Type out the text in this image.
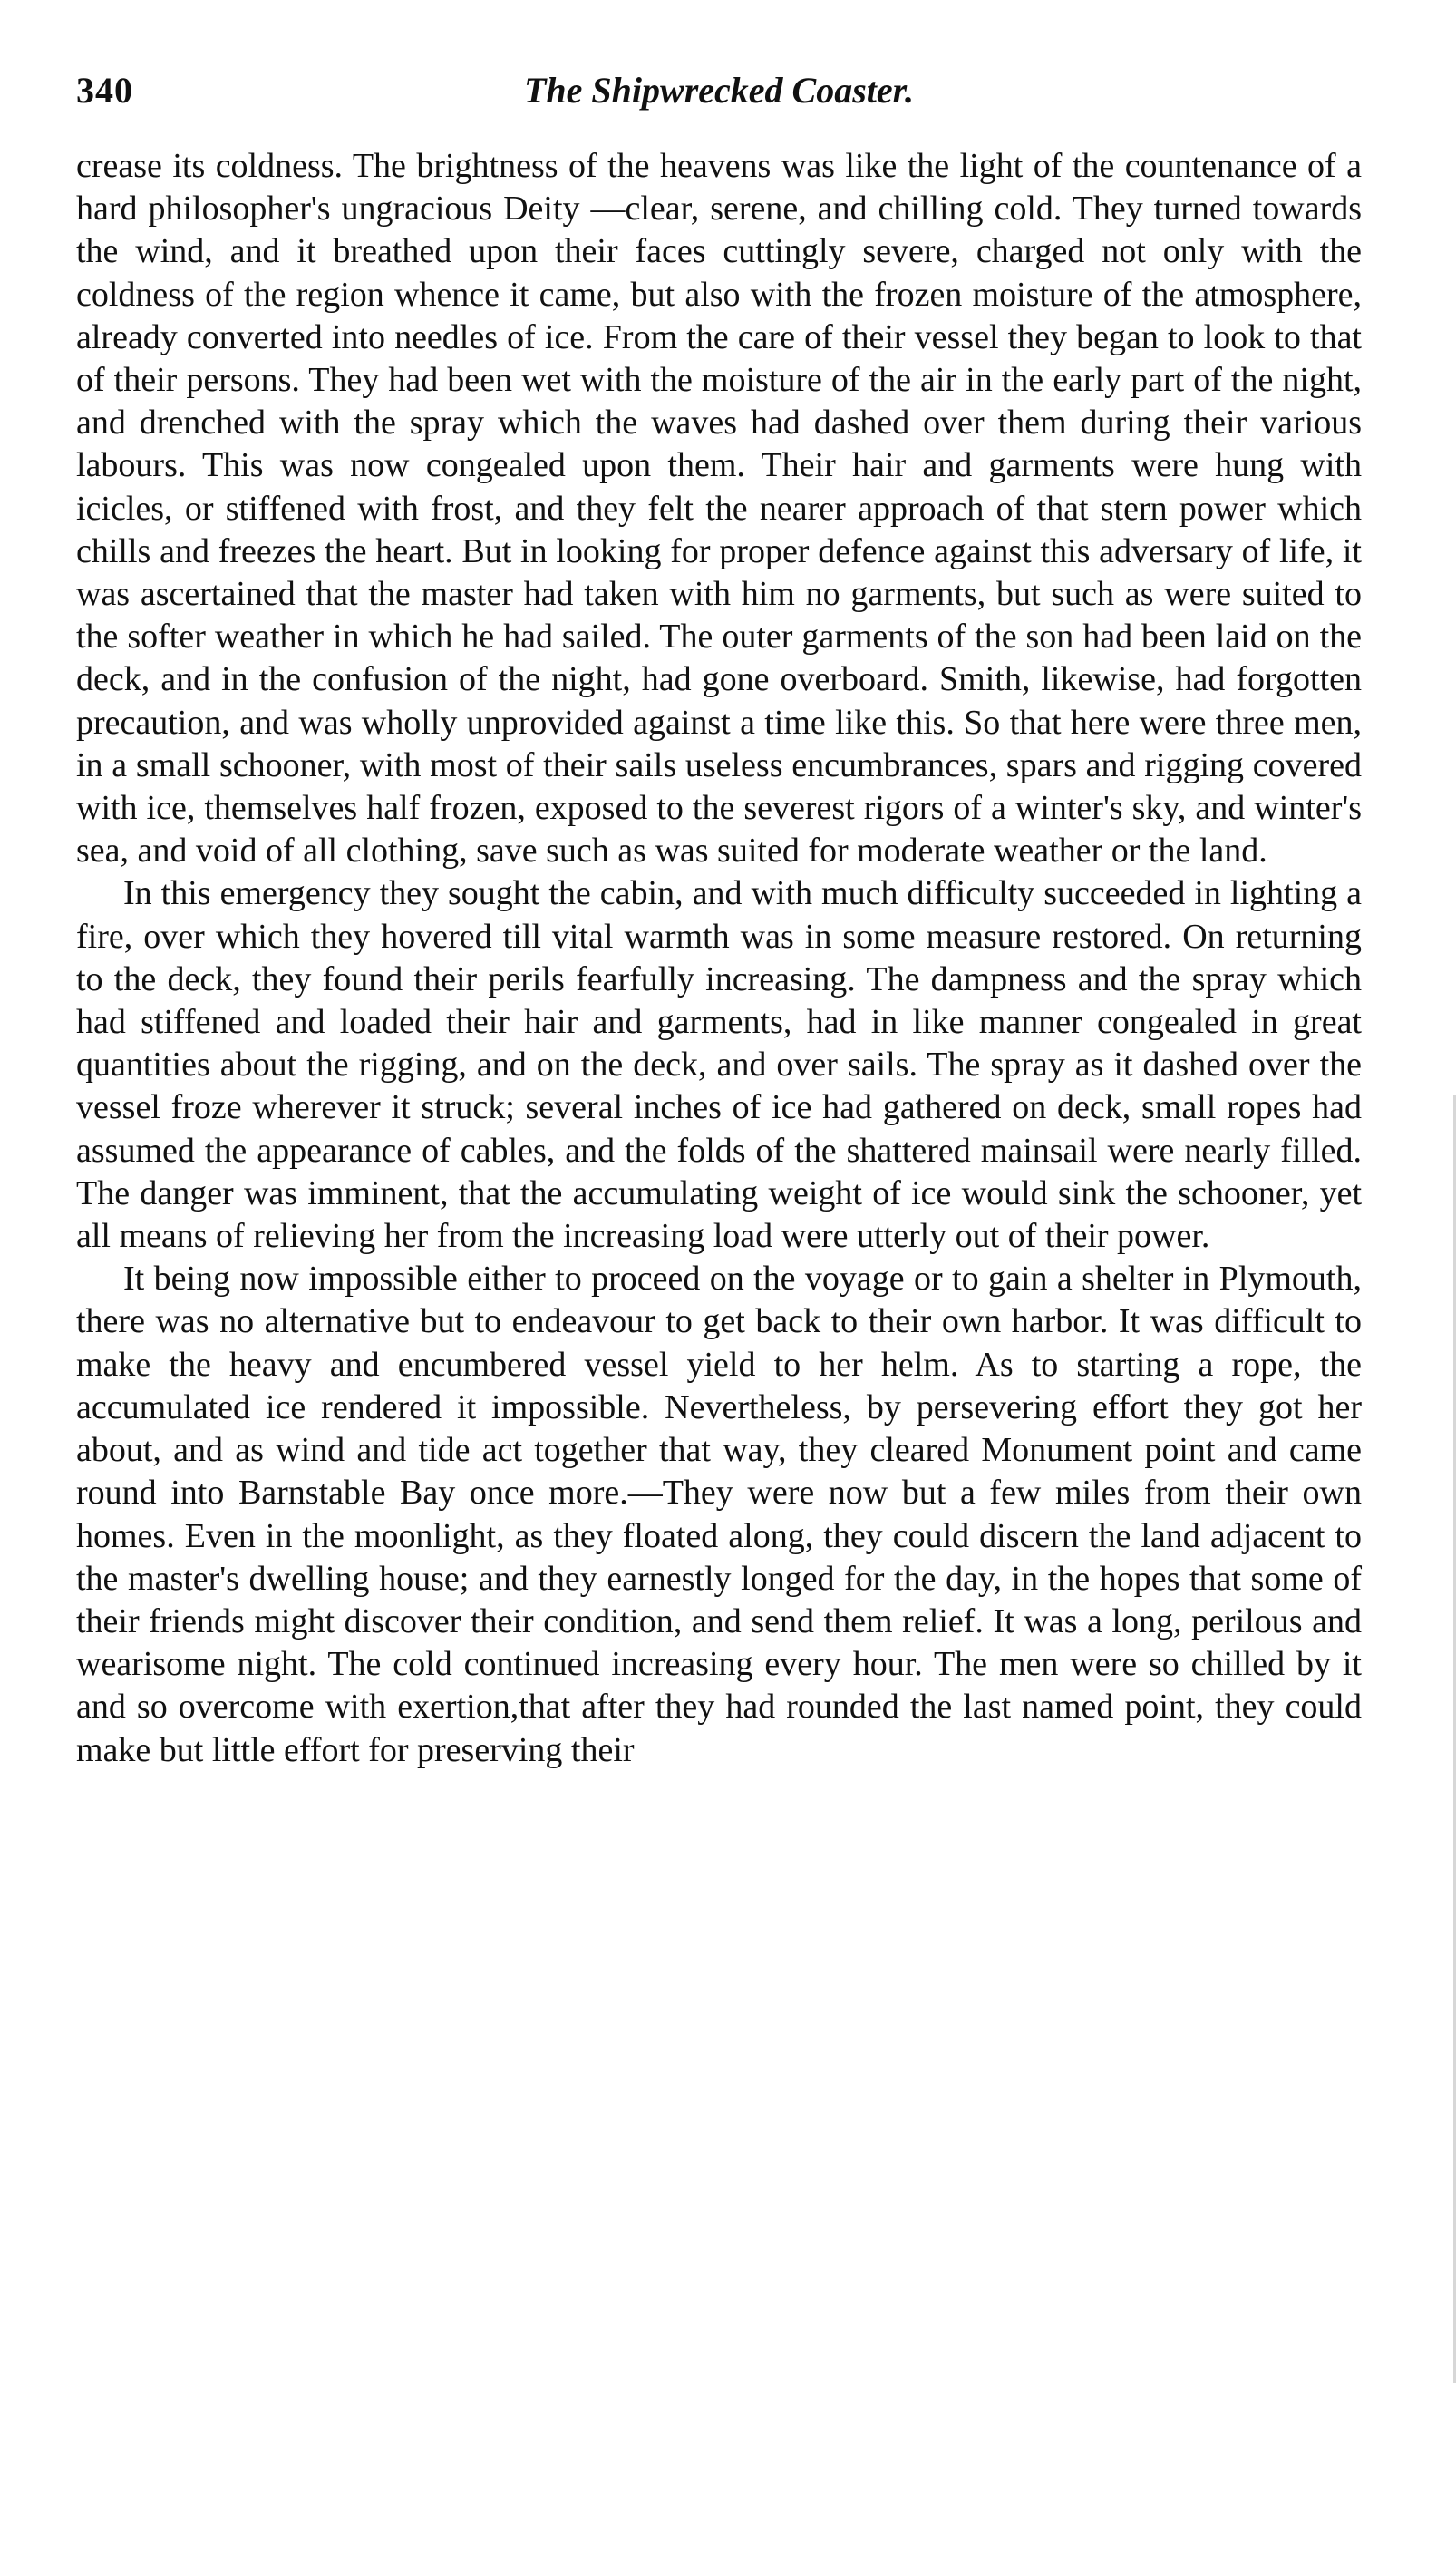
340	The Shipwrecked Coaster.

crease its coldness. The brightness of the heavens was like the light of the countenance of a hard philosopher's ungracious Deity —clear, serene, and chilling cold. They turned towards the wind, and it breathed upon their faces cuttingly severe, charged not only with the coldness of the region whence it came, but also with the frozen moisture of the atmosphere, already converted into needles of ice. From the care of their vessel they began to look to that of their persons. They had been wet with the moisture of the air in the early part of the night, and drenched with the spray which the waves had dashed over them during their various labours. This was now congealed upon them. Their hair and garments were hung with icicles, or stiffened with frost, and they felt the nearer approach of that stern power which chills and freezes the heart. But in looking for proper defence against this adversary of life, it was ascertained that the master had taken with him no garments, but such as were suited to the softer weather in which he had sailed. The outer garments of the son had been laid on the deck, and in the confusion of the night, had gone overboard. Smith, likewise, had forgotten precaution, and was wholly unprovided against a time like this. So that here were three men, in a small schooner, with most of their sails useless encumbrances, spars and rigging covered with ice, themselves half frozen, exposed to the severest rigors of a winter's sky, and winter's sea, and void of all clothing, save such as was suited for moderate weather or the land.

In this emergency they sought the cabin, and with much difficulty succeeded in lighting a fire, over which they hovered till vital warmth was in some measure restored. On returning to the deck, they found their perils fearfully increasing. The dampness and the spray which had stiffened and loaded their hair and garments, had in like manner congealed in great quantities about the rigging, and on the deck, and over sails. The spray as it dashed over the vessel froze wherever it struck; several inches of ice had gathered on deck, small ropes had assumed the appearance of cables, and the folds of the shattered mainsail were nearly filled. The danger was imminent, that the accumulating weight of ice would sink the schooner, yet all means of relieving her from the increasing load were utterly out of their power.

It being now impossible either to proceed on the voyage or to gain a shelter in Plymouth, there was no alternative but to endeavour to get back to their own harbor. It was difficult to make the heavy and encumbered vessel yield to her helm. As to starting a rope, the accumulated ice rendered it impossible. Nevertheless, by persevering effort they got her about, and as wind and tide act together that way, they cleared Monument point and came round into Barnstable Bay once more.—They were now but a few miles from their own homes. Even in the moonlight, as they floated along, they could discern the land adjacent to the master's dwelling house; and they earnestly longed for the day, in the hopes that some of their friends might discover their condition, and send them relief. It was a long, perilous and wearisome night. The cold continued increasing every hour. The men were so chilled by it and so overcome with exertion,that after they had rounded the last named point, they could make but little effort for preserving their
